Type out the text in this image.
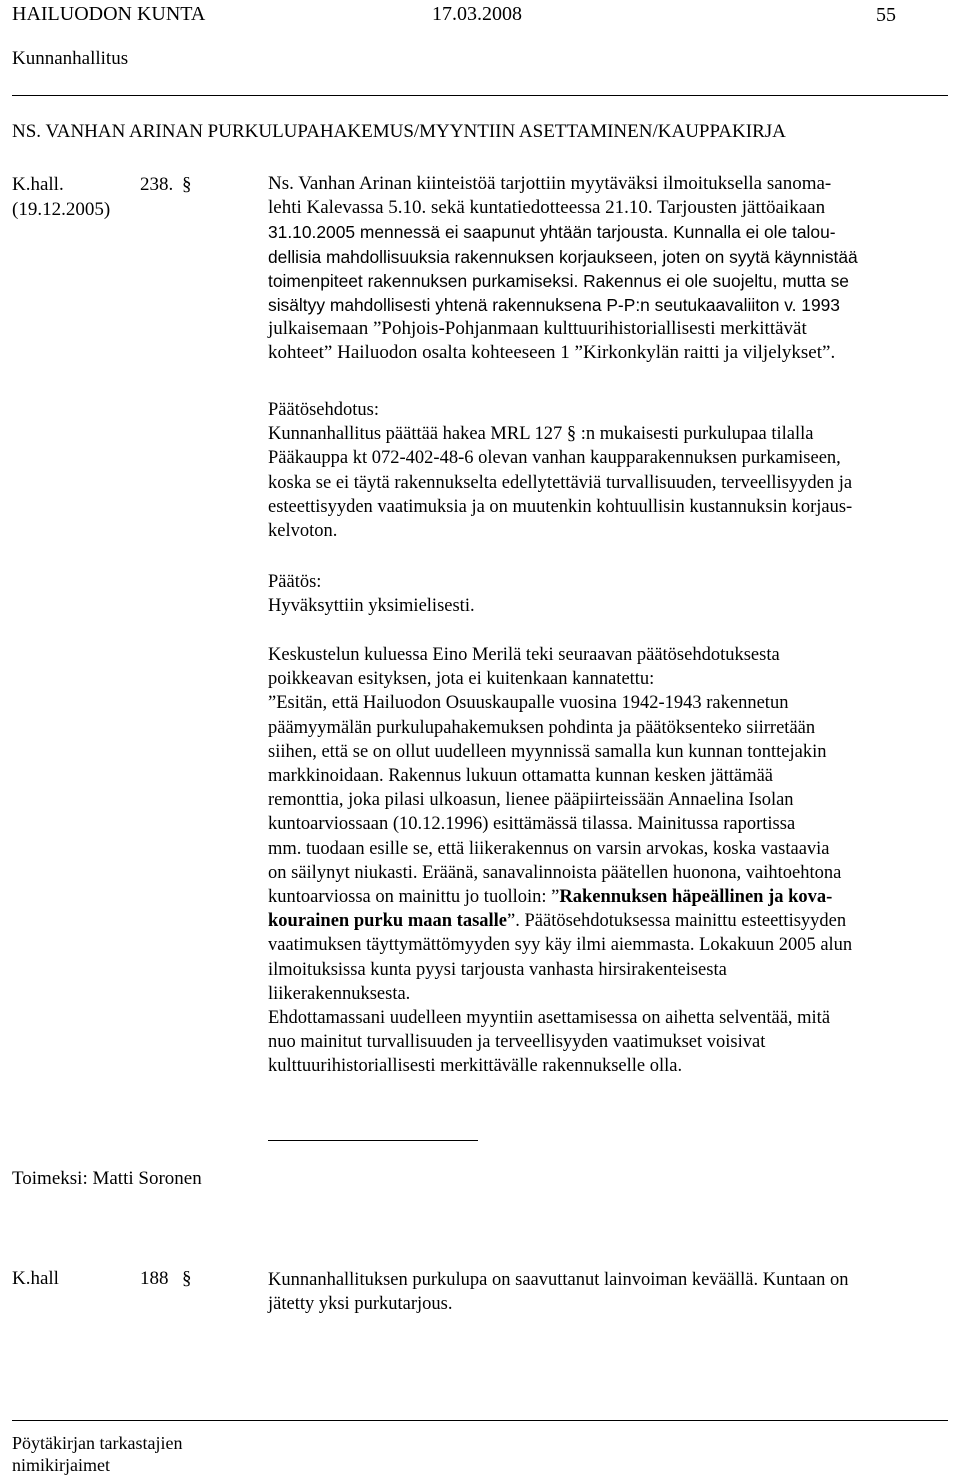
HAILUODON KUNTA	17.03.2008	55
Kunnanhallitus
NS. VANHAN ARINAN PURKULUPAHAKEMUS/MYYNTIIN ASETTAMINEN/KAUPPAKIRJA
K.hall.	238. §
(19.12.2005)
Ns. Vanhan Arinan kiinteistöä tarjottiin myytäväksi ilmoituksella sanoma-
lehti Kalevassa 5.10. sekä kuntatiedotteessa 21.10. Tarjousten jättöaikaan
31.10.2005 mennessä ei saapunut yhtään tarjousta. Kunnalla ei ole talou-
dellisia mahdollisuuksia rakennuksen korjaukseen, joten on syytä käynnistää
toimenpiteet rakennuksen purkamiseksi. Rakennus ei ole suojeltu, mutta se
sisältyy mahdollisesti yhtenä rakennuksena P-P:n seutukaavaliiton v. 1993
julkaisemaan ”Pohjois-Pohjanmaan kulttuurihistoriallisesti merkittävät
kohteet” Hailuodon osalta kohteeseen 1 ”Kirkonkylän raitti ja viljelykset”.
Päätösehdotus:
Kunnanhallitus päättää hakea MRL 127 § :n mukaisesti purkulupaa tilalla
Pääkauppa kt 072-402-48-6 olevan vanhan kaupparakennuksen purkamiseen,
koska se ei täytä rakennukselta edellytettäviä turvallisuuden, terveellisyyden ja
esteettisyyden vaatimuksia ja on muutenkin kohtuullisin kustannuksin korjaus-
kelvoton.
Päätös:
Hyväksyttiin yksimielisesti.
Keskustelun kuluessa Eino Merilä teki seuraavan päätösehdotuksesta
poikkeavan esityksen, jota ei kuitenkaan kannatettu:
”Esitän, että Hailuodon Osuuskaupalle vuosina 1942-1943 rakennetun
päämyymälän purkulupahakemuksen pohdinta ja päätöksenteko siirretään
siihen, että se on ollut uudelleen myynnissä samalla kun kunnan tonttejakin
markkinoidaan. Rakennus lukuun ottamatta kunnan kesken jättämää
remonttia, joka pilasi ulkoasun, lienee pääpiirteissään Annaelina Isolan
kuntoarviossaan (10.12.1996) esittämässä tilassa. Mainitussa raportissa
mm. tuodaan esille se, että liikerakennus on varsin arvokas, koska vastaavia
on säilynyt niukasti. Eräänä, sanavalinnoista päätellen huonona, vaihtoehtona
kuntoarviossa on mainittu jo tuolloin: ”Rakennuksen häpeällinen ja kova-
kourainen purku maan tasalle”. Päätösehdotuksessa mainittu esteettisyyden
vaatimuksen täyttymättömyyden syy käy ilmi aiemmasta. Lokakuun 2005 alun
ilmoituksissa kunta pyysi tarjousta vanhasta hirsirakenteisesta
liikerakennuksesta.
Ehdottamassani uudelleen myyntiin asettamisessa on aihetta selventää, mitä
nuo mainitut turvallisuuden ja terveellisyyden vaatimukset voisivat
kulttuurihistoriallisesti merkittävälle rakennukselle olla.
Toimeksi: Matti Soronen
K.hall	188 §	Kunnanhallituksen purkulupa on saavuttanut lainvoiman keväällä. Kuntaan on
jätetty yksi purkutarjous.
Pöytäkirjan tarkastajien
nimikirjaimet
